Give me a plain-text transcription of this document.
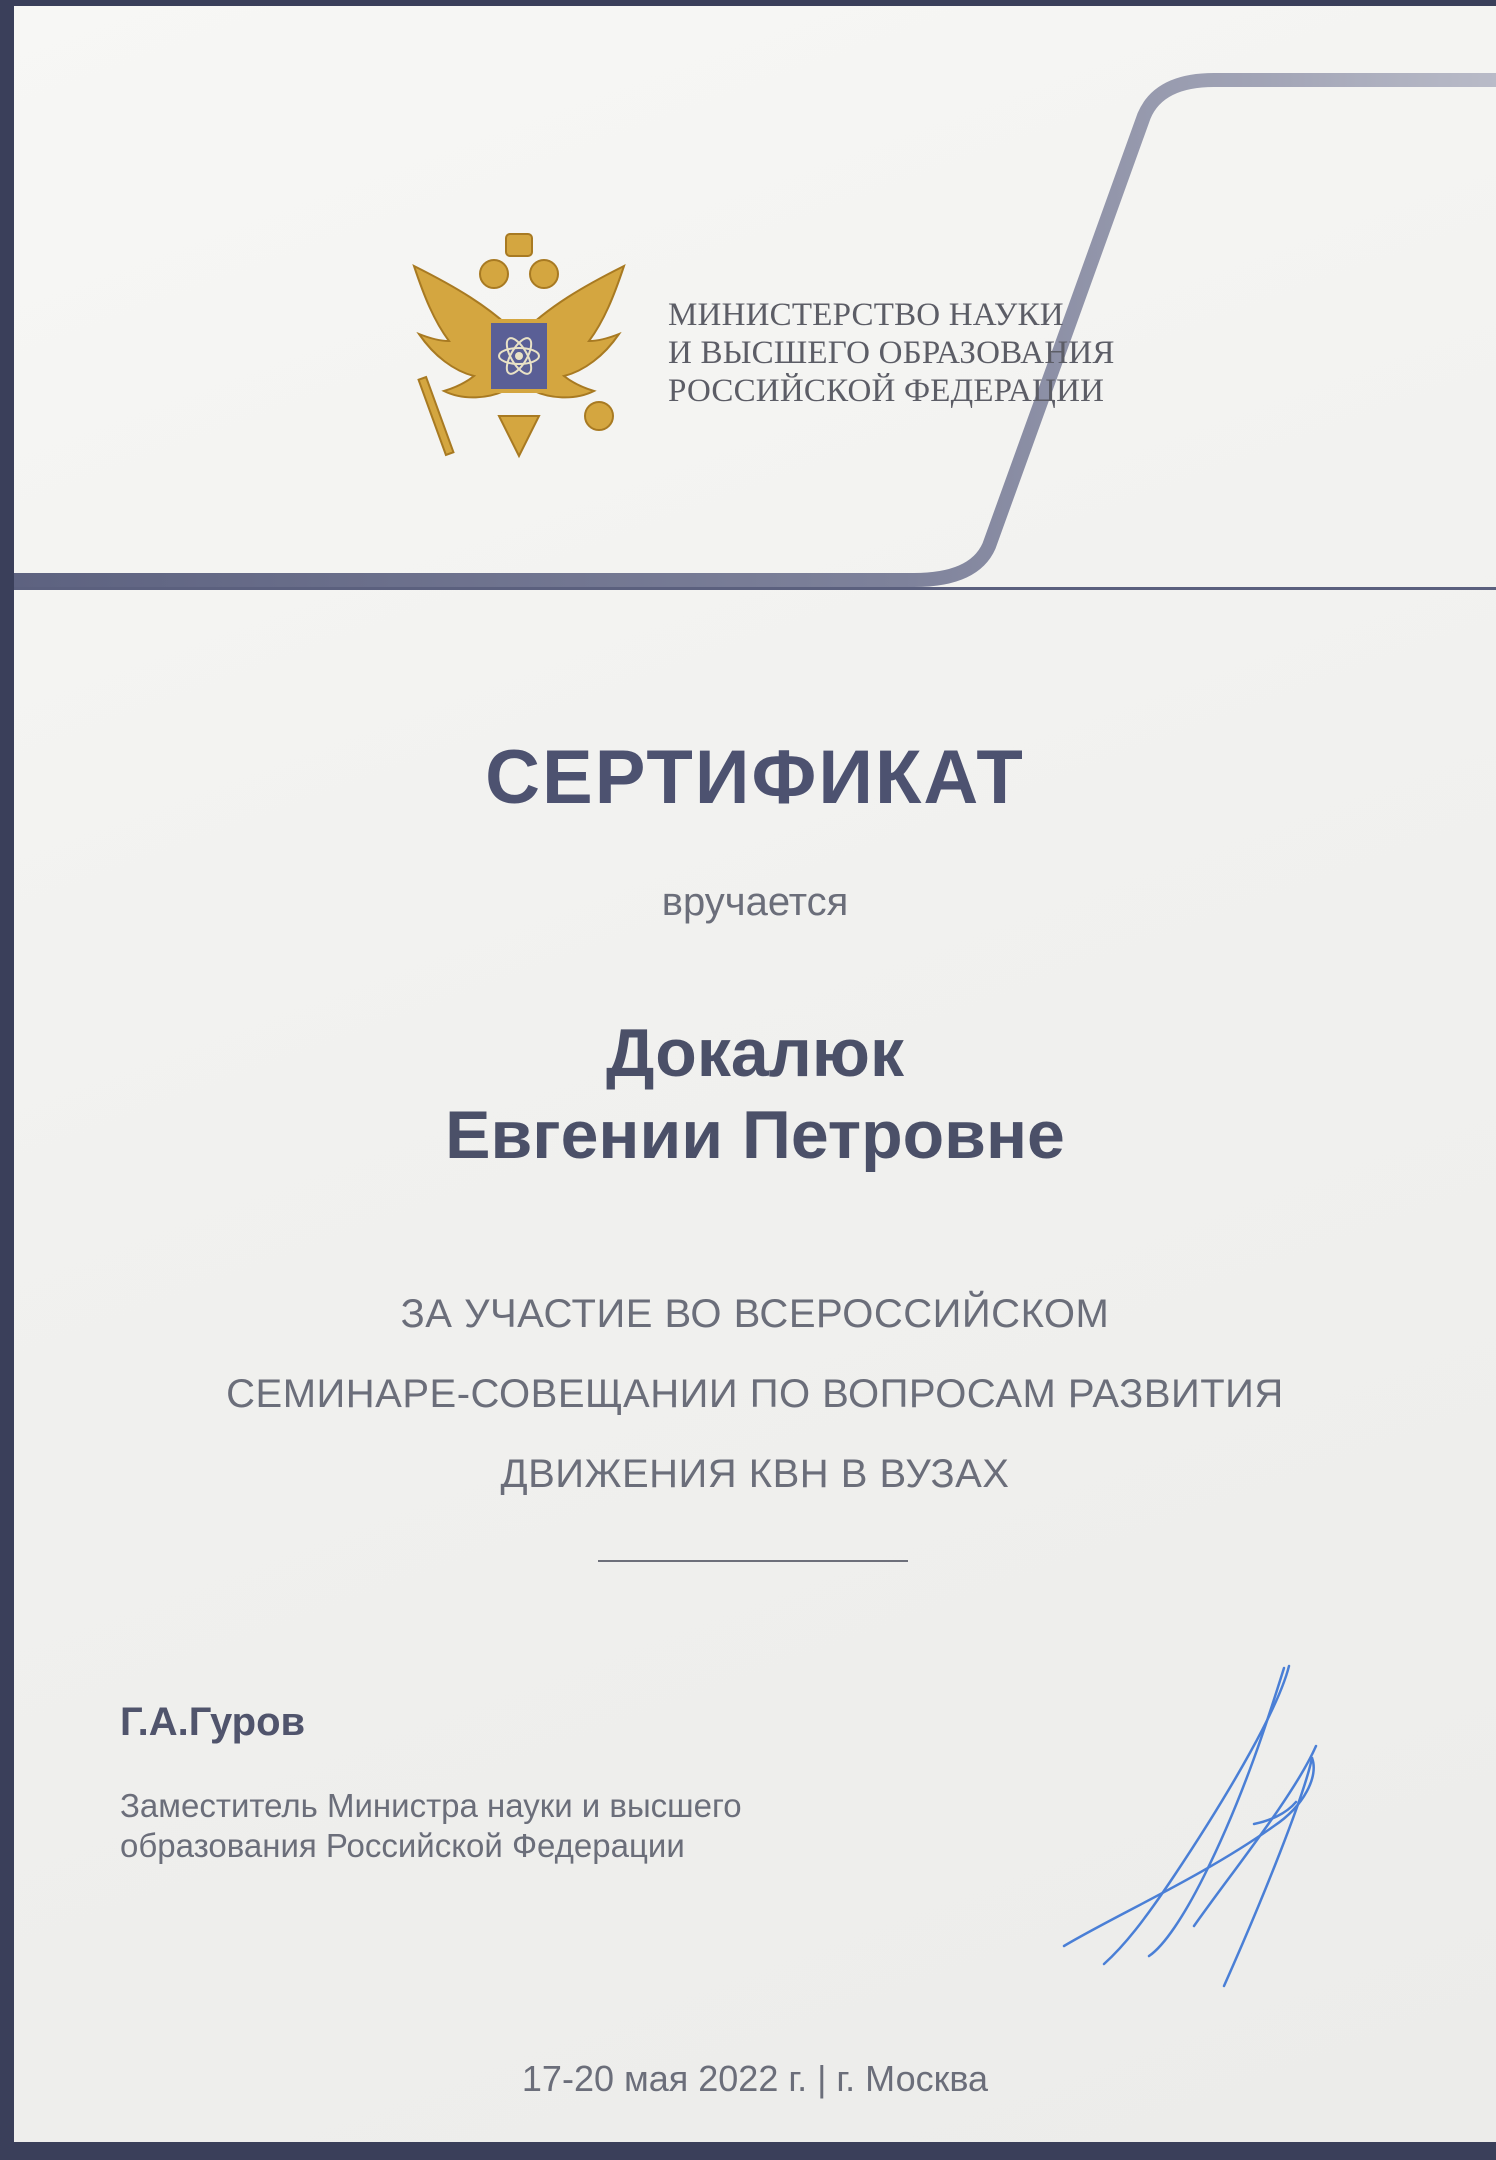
МИНИСТЕРСТВО НАУКИ
И ВЫСШЕГО ОБРАЗОВАНИЯ
РОССИЙСКОЙ ФЕДЕРАЦИИ
СЕРТИФИКАТ
вручается
Докалюк
Евгении Петровне
ЗА УЧАСТИЕ ВО ВСЕРОССИЙСКОМ
СЕМИНАРЕ-СОВЕЩАНИИ ПО ВОПРОСАМ РАЗВИТИЯ
ДВИЖЕНИЯ КВН В ВУЗАХ
Г.А.Гуров
Заместитель Министра науки и высшего
образования Российской Федерации
17-20 мая 2022 г. | г. Москва
